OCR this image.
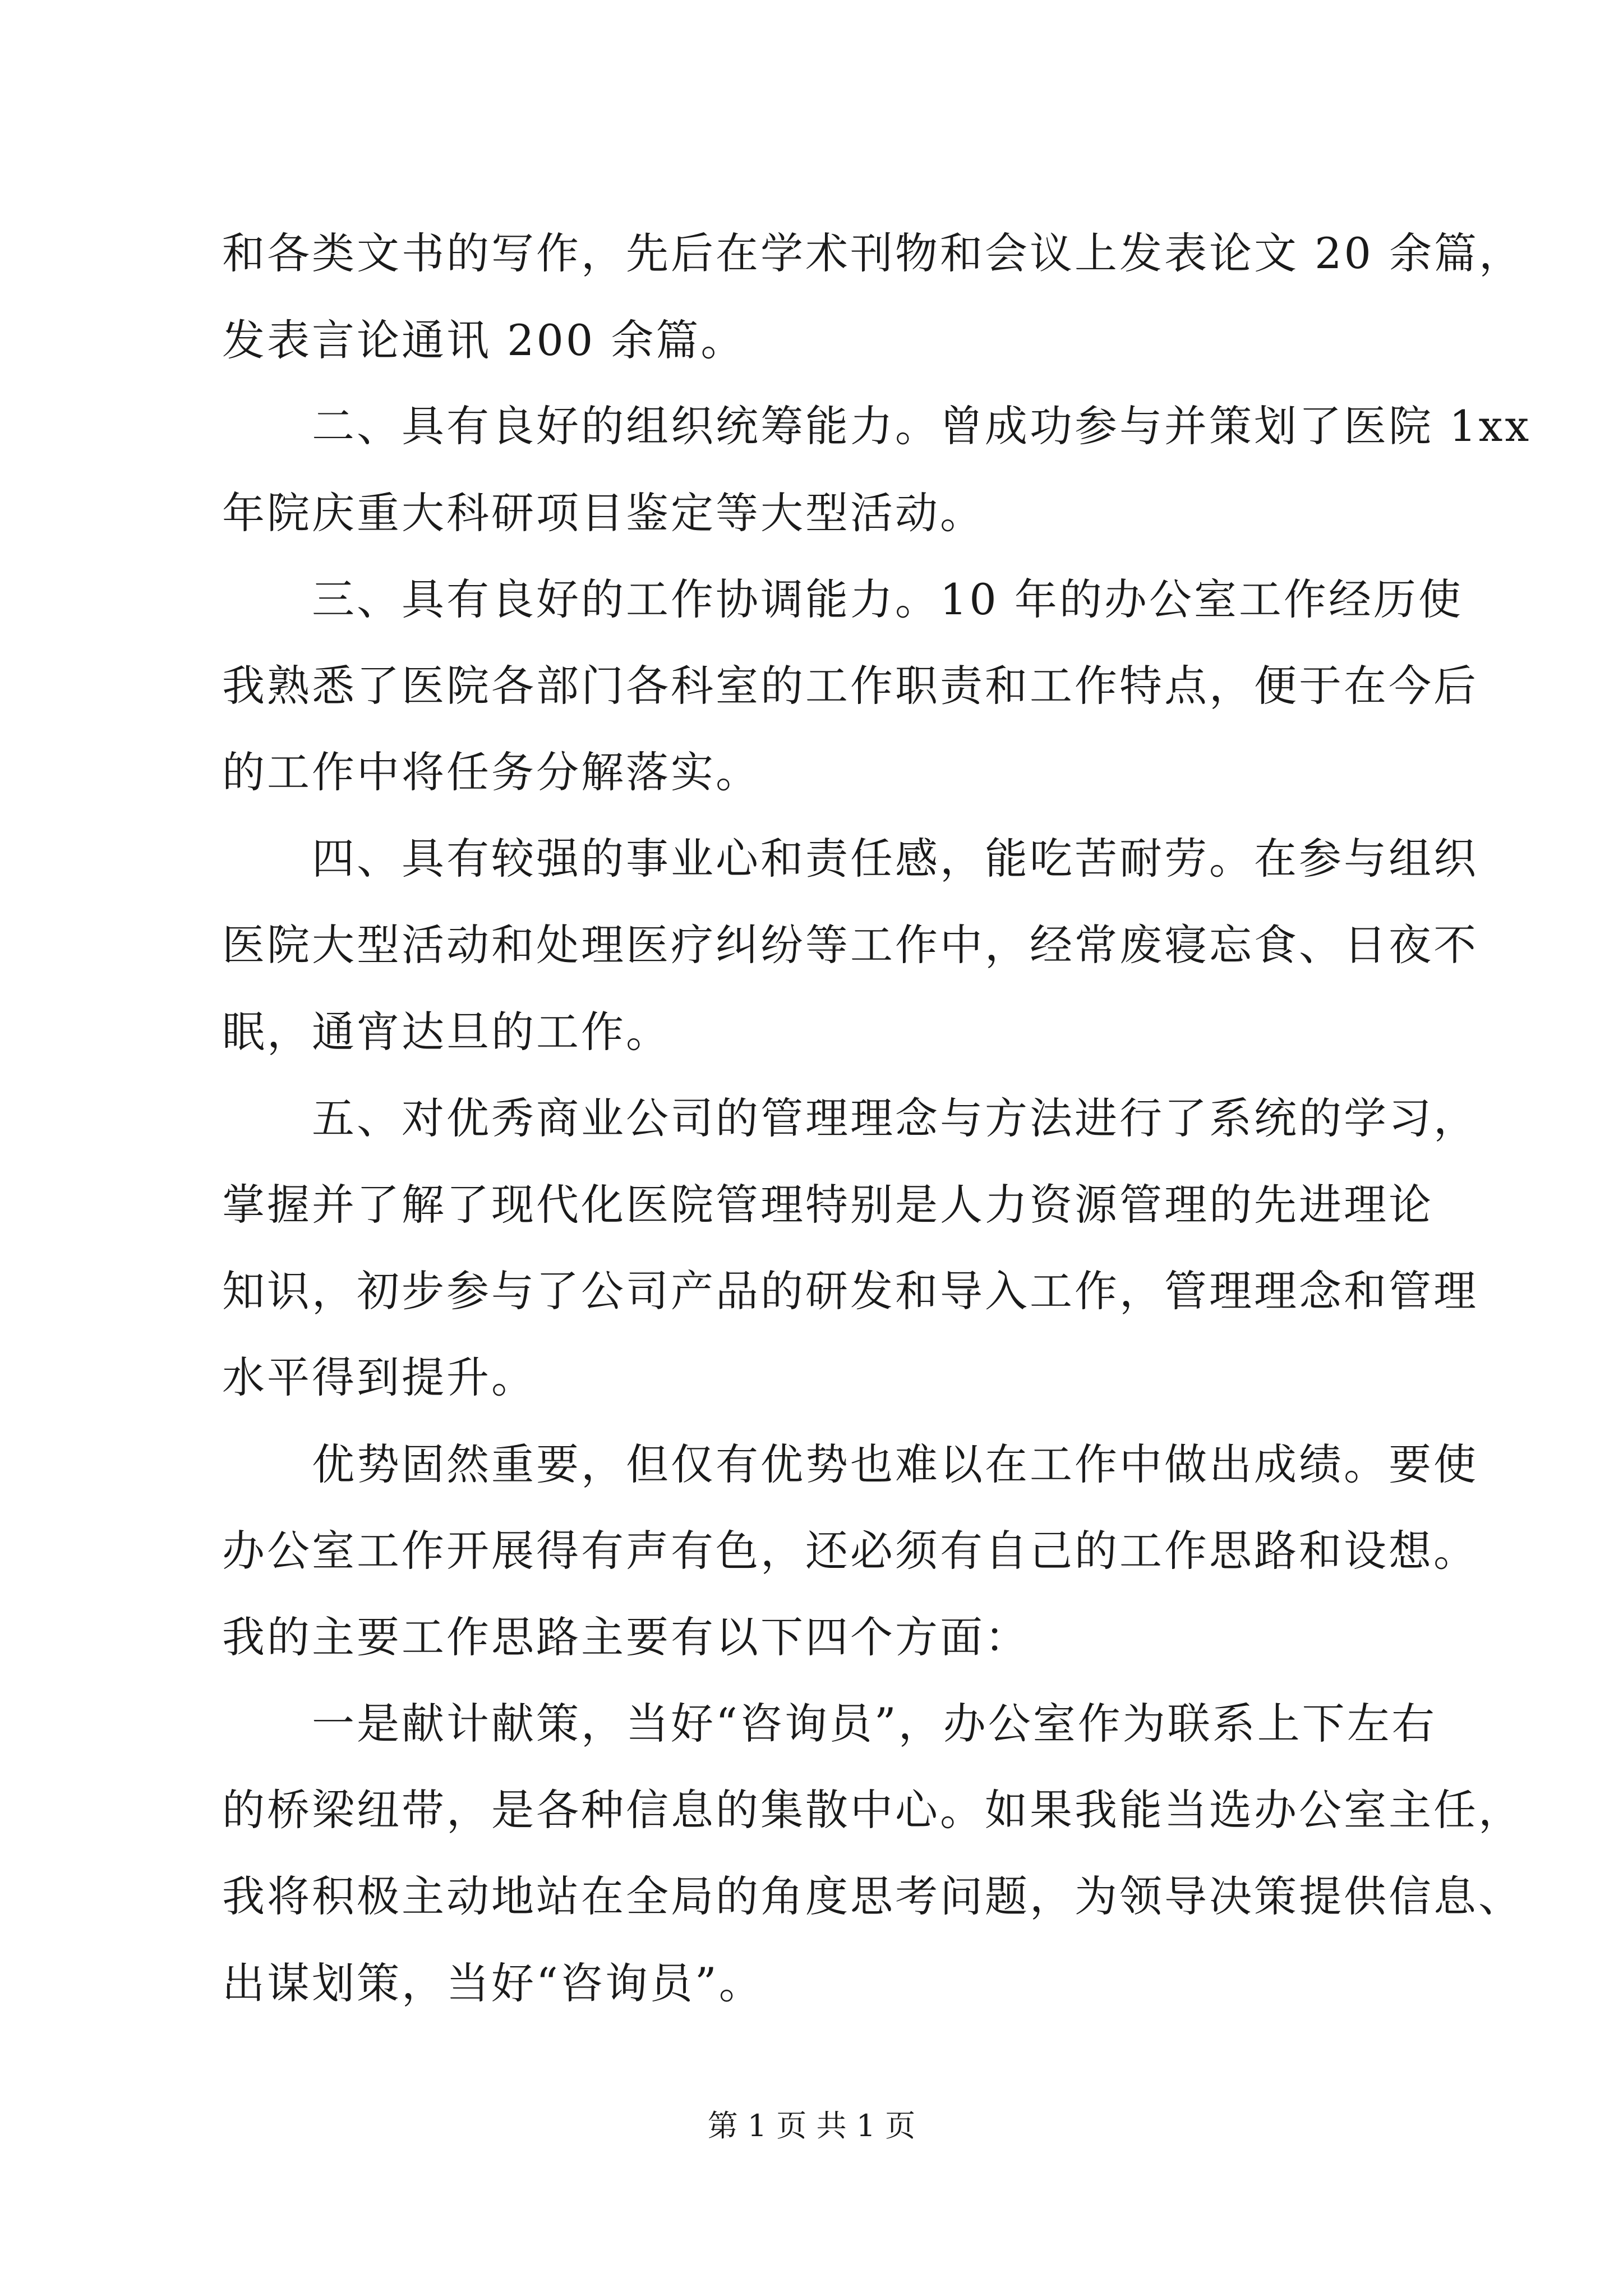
和各类文书的写作，先后在学术刊物和会议上发表论文 20 余篇，
发表言论通讯 200 余篇。
　　二、具有良好的组织统筹能力。曾成功参与并策划了医院 1xx
年院庆重大科研项目鉴定等大型活动。
　　三、具有良好的工作协调能力。10 年的办公室工作经历使
我熟悉了医院各部门各科室的工作职责和工作特点，便于在今后
的工作中将任务分解落实。
　　四、具有较强的事业心和责任感，能吃苦耐劳。在参与组织
医院大型活动和处理医疗纠纷等工作中，经常废寝忘食、日夜不
眠，通宵达旦的工作。
　　五、对优秀商业公司的管理理念与方法进行了系统的学习，
掌握并了解了现代化医院管理特别是人力资源管理的先进理论
知识，初步参与了公司产品的研发和导入工作，管理理念和管理
水平得到提升。
　　优势固然重要，但仅有优势也难以在工作中做出成绩。要使
办公室工作开展得有声有色，还必须有自己的工作思路和设想。
我的主要工作思路主要有以下四个方面：
　　一是献计献策，当好“咨询员”，办公室作为联系上下左右
的桥梁纽带，是各种信息的集散中心。如果我能当选办公室主任，
我将积极主动地站在全局的角度思考问题，为领导决策提供信息、
出谋划策，当好“咨询员”。
第 1 页 共 1 页
